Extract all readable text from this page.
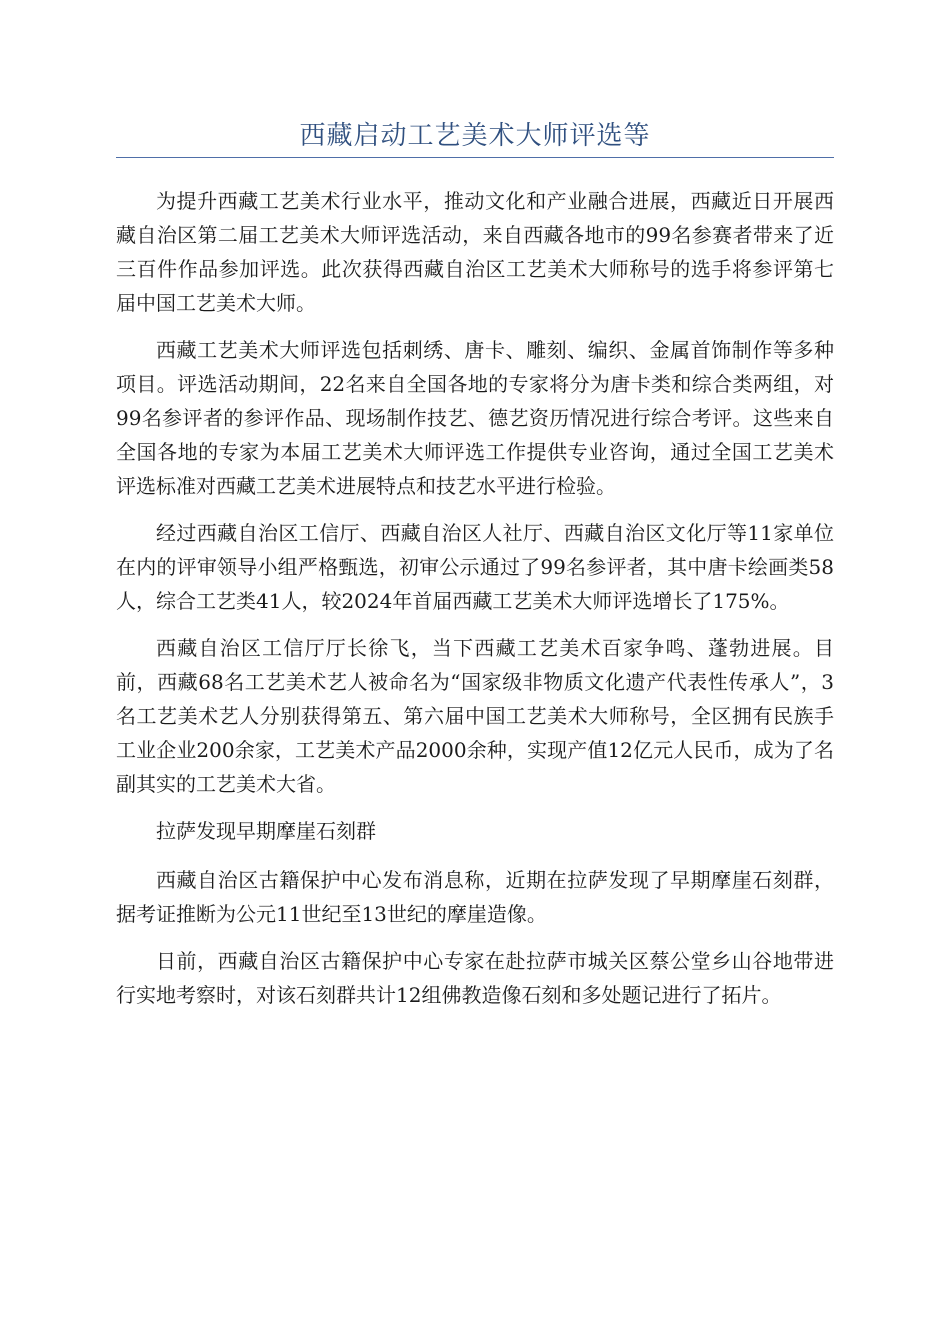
西藏启动工艺美术大师评选等

为提升西藏工艺美术行业水平，推动文化和产业融合进展，西藏近日开展西藏自治区第二届工艺美术大师评选活动，来自西藏各地市的99名参赛者带来了近三百件作品参加评选。此次获得西藏自治区工艺美术大师称号的选手将参评第七届中国工艺美术大师。

西藏工艺美术大师评选包括刺绣、唐卡、雕刻、编织、金属首饰制作等多种项目。评选活动期间，22名来自全国各地的专家将分为唐卡类和综合类两组，对99名参评者的参评作品、现场制作技艺、德艺资历情况进行综合考评。这些来自全国各地的专家为本届工艺美术大师评选工作提供专业咨询，通过全国工艺美术评选标准对西藏工艺美术进展特点和技艺水平进行检验。

经过西藏自治区工信厅、西藏自治区人社厅、西藏自治区文化厅等11家单位在内的评审领导小组严格甄选，初审公示通过了99名参评者，其中唐卡绘画类58人，综合工艺类41人，较2024年首届西藏工艺美术大师评选增长了175%。

西藏自治区工信厅厅长徐飞，当下西藏工艺美术百家争鸣、蓬勃进展。目前，西藏68名工艺美术艺人被命名为“国家级非物质文化遗产代表性传承人”，3名工艺美术艺人分别获得第五、第六届中国工艺美术大师称号，全区拥有民族手工业企业200余家，工艺美术产品2000余种，实现产值12亿元人民币，成为了名副其实的工艺美术大省。

拉萨发现早期摩崖石刻群

西藏自治区古籍保护中心发布消息称，近期在拉萨发现了早期摩崖石刻群，据考证推断为公元11世纪至13世纪的摩崖造像。

日前，西藏自治区古籍保护中心专家在赴拉萨市城关区蔡公堂乡山谷地带进行实地考察时，对该石刻群共计12组佛教造像石刻和多处题记进行了拓片。
